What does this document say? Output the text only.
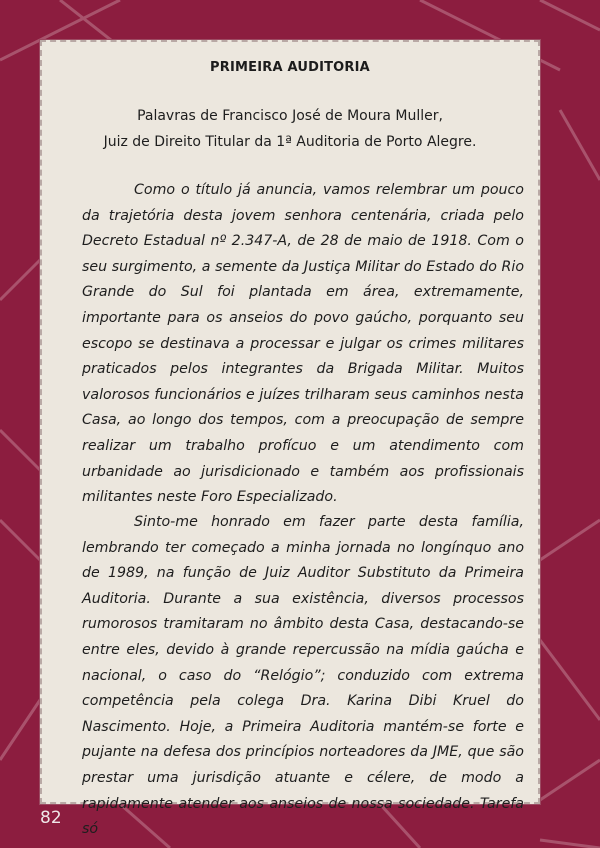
PRIMEIRA AUDITORIA
Palavras de Francisco José de Moura Muller,
Juiz de Direito Titular da 1ª Auditoria de Porto Alegre.

Como o título já anuncia, vamos relembrar um pouco da trajetória desta jovem senhora centenária, criada pelo Decreto Estadual nº 2.347-A, de 28 de maio de 1918. Com o seu surgimento, a semente da Justiça Militar do Estado do Rio Grande do Sul foi plantada em área, extremamente, importante para os anseios do povo gaúcho, porquanto seu escopo se destinava a processar e julgar os crimes militares praticados pelos integrantes da Brigada Militar. Muitos valorosos funcionários e juízes trilharam seus caminhos nesta Casa, ao longo dos tempos, com a preocupação de sempre realizar um trabalho profícuo e um atendimento com urbanidade ao jurisdicionado e também aos profissionais militantes neste Foro Especializado.

Sinto-me honrado em fazer parte desta família, lembrando ter começado a minha jornada no longínquo ano de 1989, na função de Juiz Auditor Substituto da Primeira Auditoria. Durante a sua existência, diversos processos rumorosos tramitaram no âmbito desta Casa, destacando-se entre eles, devido à grande repercussão na mídia gaúcha e nacional, o caso do “Relógio”; conduzido com extrema competência pela colega Dra. Karina Dibi Kruel do Nascimento. Hoje, a Primeira Auditoria mantém-se forte e pujante na defesa dos princípios norteadores da JME, que são prestar uma jurisdição atuante e célere, de modo a rapidamente atender aos anseios de nossa sociedade. Tarefa só

82
